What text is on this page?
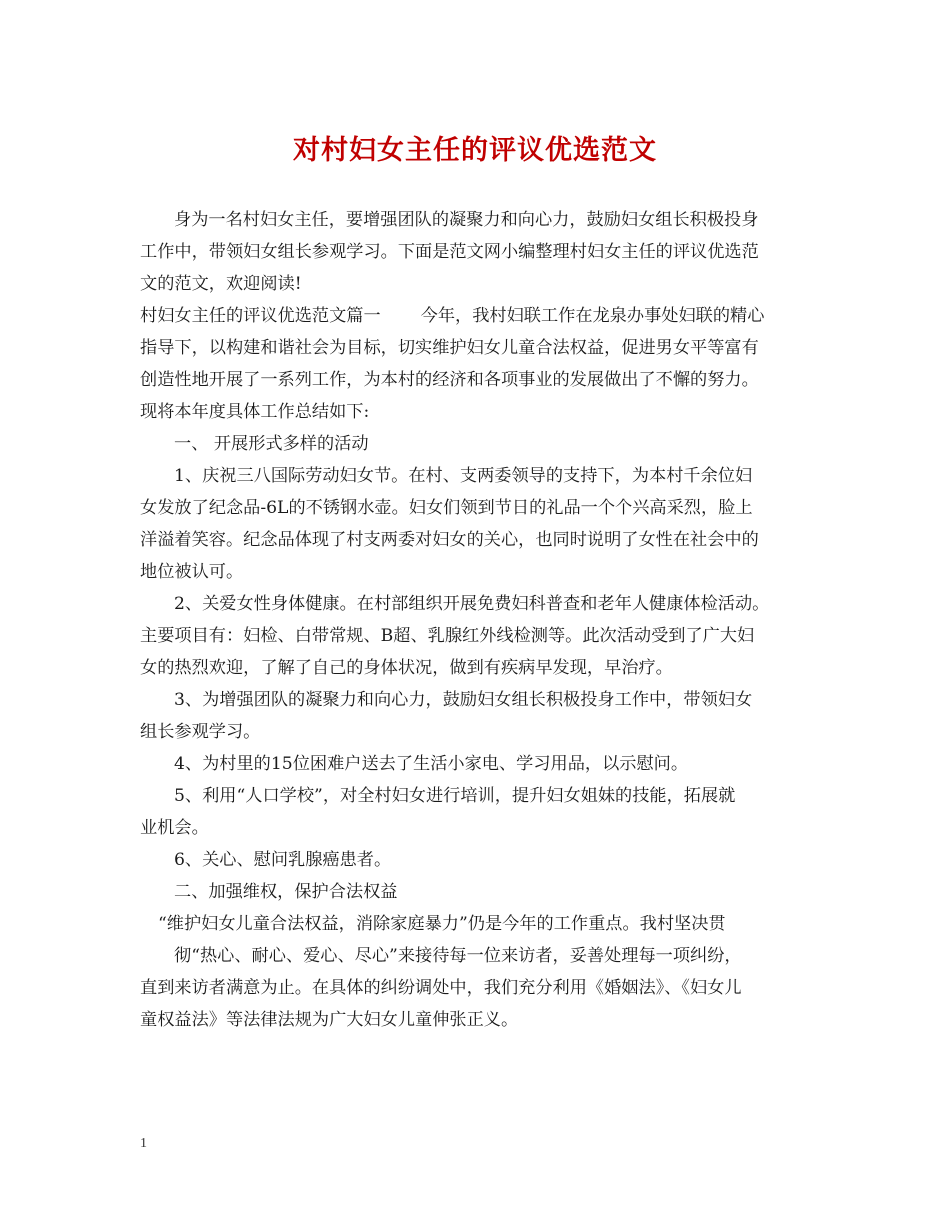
对村妇女主任的评议优选范文
身为一名村妇女主任，要增强团队的凝聚力和向心力，鼓励妇女组长积极投身
工作中，带领妇女组长参观学习。下面是范文网小编整理村妇女主任的评议优选范
文的范文，欢迎阅读!
村妇女主任的评议优选范文篇一 今年，我村妇联工作在龙泉办事处妇联的精心
指导下，以构建和谐社会为目标，切实维护妇女儿童合法权益，促进男女平等富有
创造性地开展了一系列工作，为本村的经济和各项事业的发展做出了不懈的努力。
现将本年度具体工作总结如下:
一、 开展形式多样的活动
1、庆祝三八国际劳动妇女节。在村、支两委领导的支持下，为本村千余位妇
女发放了纪念品-6L的不锈钢水壶。妇女们领到节日的礼品一个个兴高采烈，脸上
洋溢着笑容。纪念品体现了村支两委对妇女的关心，也同时说明了女性在社会中的
地位被认可。
2、关爱女性身体健康。在村部组织开展免费妇科普查和老年人健康体检活动。
主要项目有：妇检、白带常规、B超、乳腺红外线检测等。此次活动受到了广大妇
女的热烈欢迎，了解了自己的身体状况，做到有疾病早发现，早治疗。
3、为增强团队的凝聚力和向心力，鼓励妇女组长积极投身工作中，带领妇女
组长参观学习。
4、为村里的15位困难户送去了生活小家电、学习用品，以示慰问。
5、利用“人口学校”，对全村妇女进行培训，提升妇女姐妹的技能，拓展就
业机会。
6、关心、慰问乳腺癌患者。
二、加强维权，保护合法权益
“维护妇女儿童合法权益，消除家庭暴力”仍是今年的工作重点。我村坚决贯
彻“热心、耐心、爱心、尽心”来接待每一位来访者，妥善处理每一项纠纷，
直到来访者满意为止。在具体的纠纷调处中，我们充分利用《婚姻法》、《妇女儿
童权益法》等法律法规为广大妇女儿童伸张正义。
1
